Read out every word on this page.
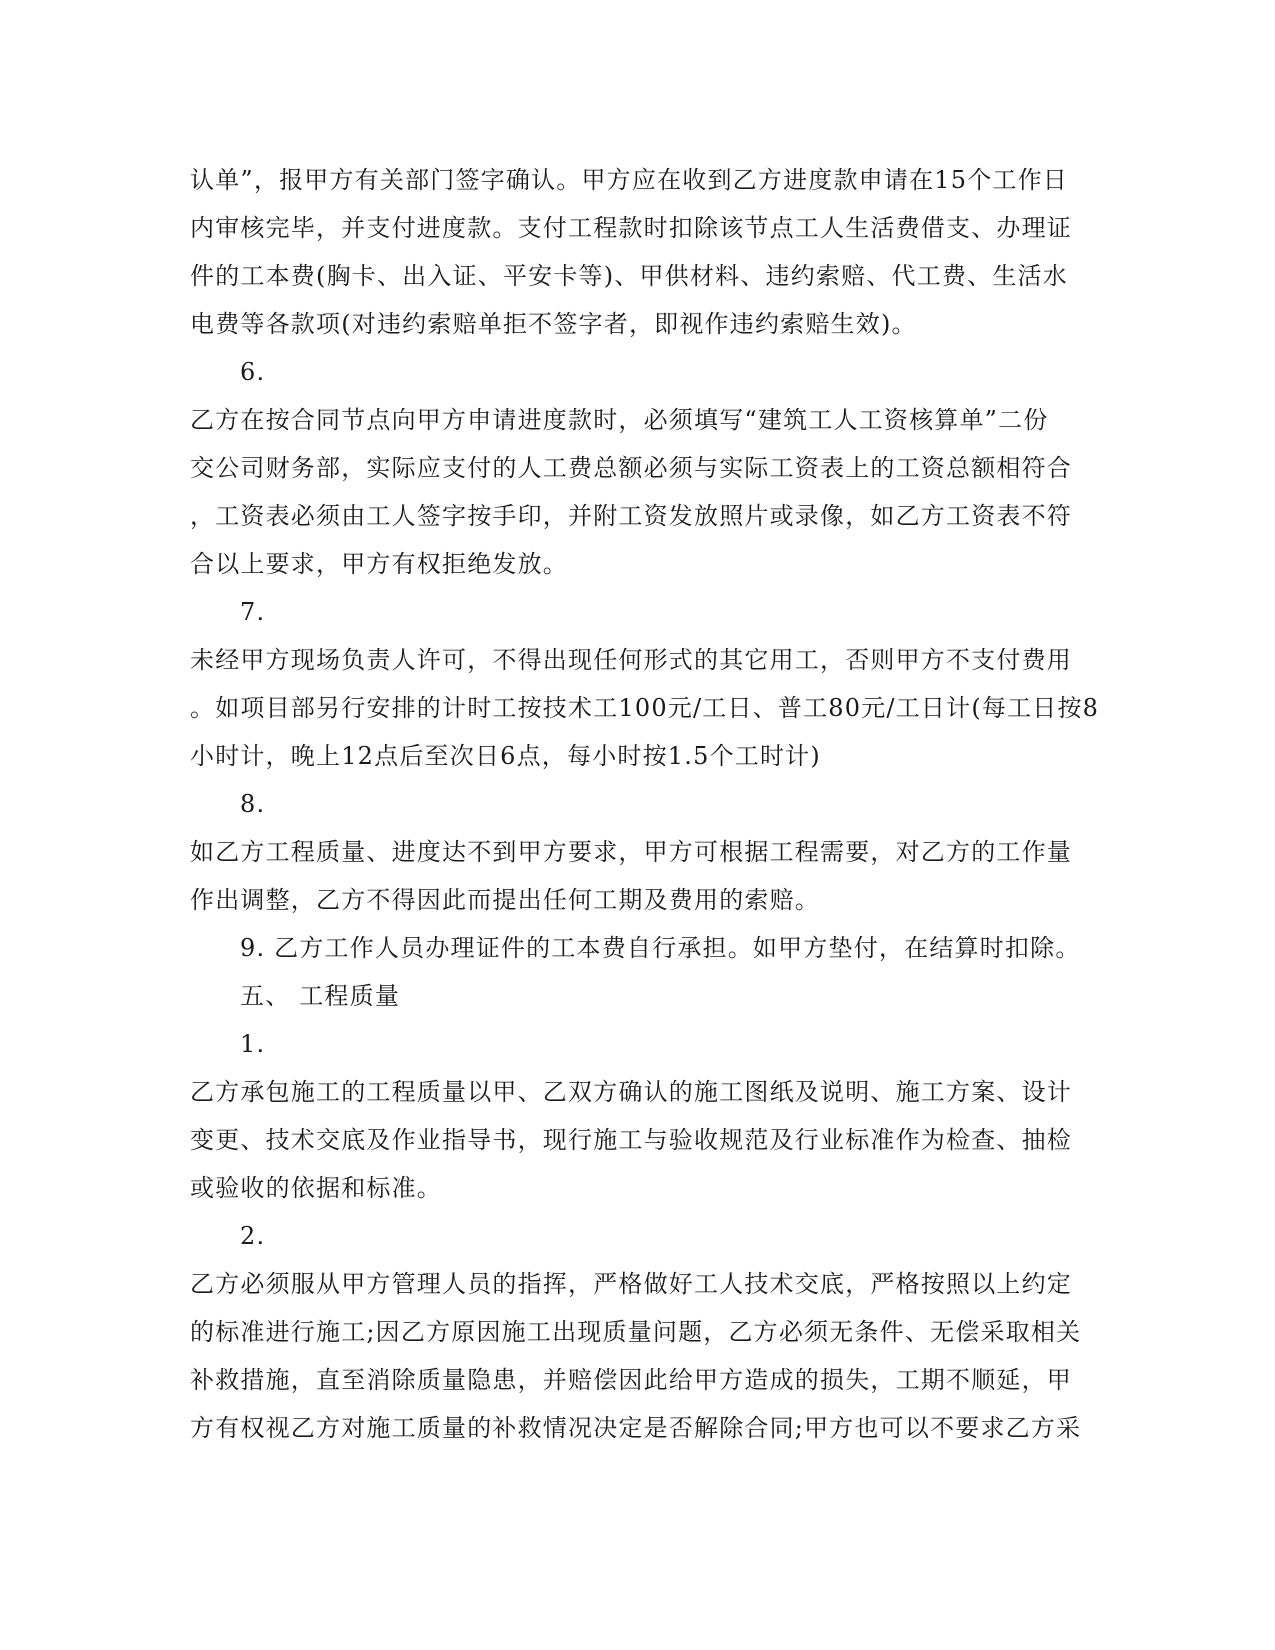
认单”，报甲方有关部门签字确认。甲方应在收到乙方进度款申请在15个工作日
内审核完毕，并支付进度款。支付工程款时扣除该节点工人生活费借支、办理证
件的工本费(胸卡、出入证、平安卡等)、甲供材料、违约索赔、代工费、生活水
电费等各款项(对违约索赔单拒不签字者，即视作违约索赔生效)。
6.
乙方在按合同节点向甲方申请进度款时，必须填写“建筑工人工资核算单”二份
交公司财务部，实际应支付的人工费总额必须与实际工资表上的工资总额相符合
，工资表必须由工人签字按手印，并附工资发放照片或录像，如乙方工资表不符
合以上要求，甲方有权拒绝发放。
7.
未经甲方现场负责人许可，不得出现任何形式的其它用工，否则甲方不支付费用
。如项目部另行安排的计时工按技术工100元/工日、普工80元/工日计(每工日按8
小时计，晚上12点后至次日6点，每小时按1.5个工时计)
8.
如乙方工程质量、进度达不到甲方要求，甲方可根据工程需要，对乙方的工作量
作出调整，乙方不得因此而提出任何工期及费用的索赔。
9. 乙方工作人员办理证件的工本费自行承担。如甲方垫付，在结算时扣除。
五、 工程质量
1.
乙方承包施工的工程质量以甲、乙双方确认的施工图纸及说明、施工方案、设计
变更、技术交底及作业指导书，现行施工与验收规范及行业标准作为检查、抽检
或验收的依据和标准。
2.
乙方必须服从甲方管理人员的指挥，严格做好工人技术交底，严格按照以上约定
的标准进行施工;因乙方原因施工出现质量问题，乙方必须无条件、无偿采取相关
补救措施，直至消除质量隐患，并赔偿因此给甲方造成的损失，工期不顺延，甲
方有权视乙方对施工质量的补救情况决定是否解除合同;甲方也可以不要求乙方采
